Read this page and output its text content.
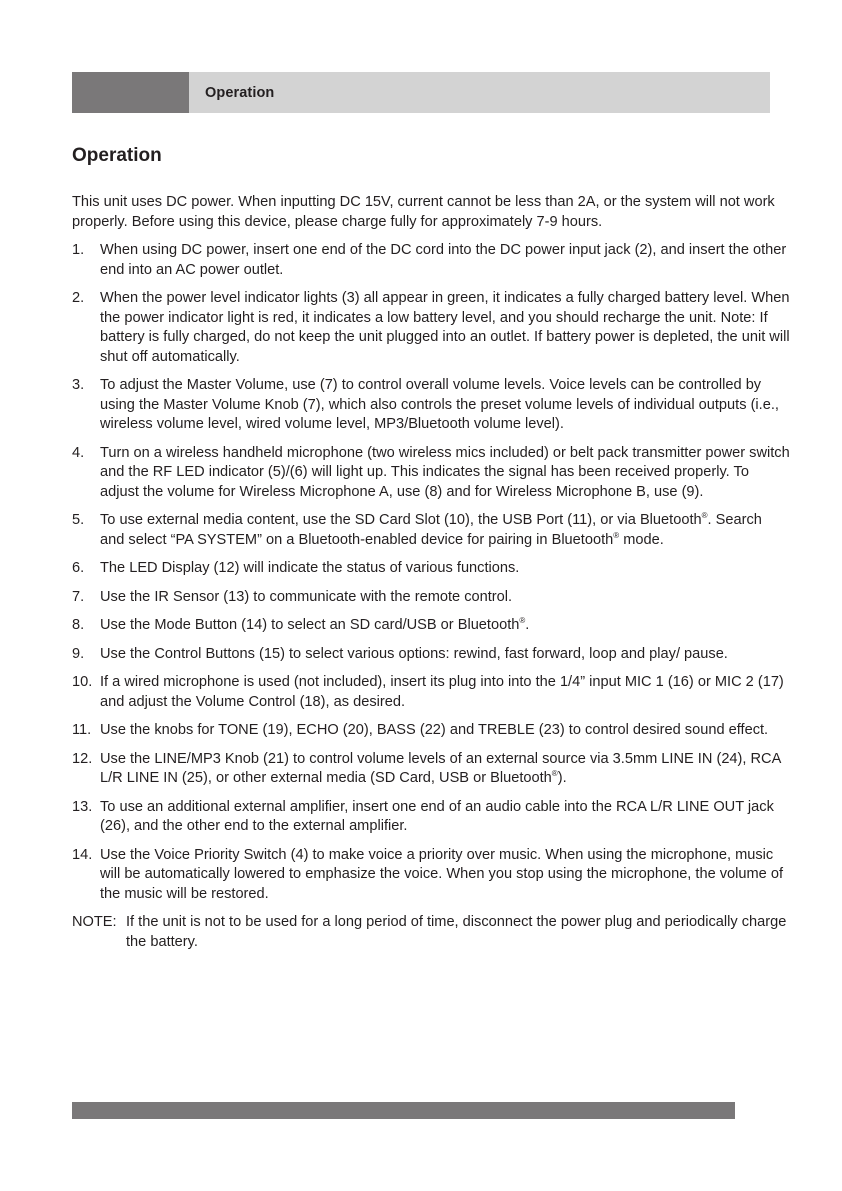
Operation
Operation

This unit uses DC power. When inputting DC 15V, current cannot be less than 2A, or the system will not work properly. Before using this device, please charge fully for approximately 7-9 hours.

1. When using DC power, insert one end of the DC cord into the DC power input jack (2), and insert the other end into an AC power outlet.
2. When the power level indicator lights (3) all appear in green, it indicates a fully charged battery level. When the power indicator light is red, it indicates a low battery level, and you should recharge the unit. Note: If battery is fully charged, do not keep the unit plugged into an outlet. If battery power is depleted, the unit will shut off automatically.
3. To adjust the Master Volume, use (7) to control overall volume levels. Voice levels can be controlled by using the Master Volume Knob (7), which also controls the preset volume levels of individual outputs (i.e., wireless volume level, wired volume level, MP3/Bluetooth volume level).
4. Turn on a wireless handheld microphone (two wireless mics included) or belt pack transmitter power switch and the RF LED indicator (5)/(6) will light up. This indicates the signal has been received properly. To adjust the volume for Wireless Microphone A, use (8) and for Wireless Microphone B, use (9).
5. To use external media content, use the SD Card Slot (10), the USB Port (11), or via Bluetooth®. Search and select “PA SYSTEM” on a Bluetooth-enabled device for pairing in Bluetooth® mode.
6. The LED Display (12) will indicate the status of various functions.
7. Use the IR Sensor (13) to communicate with the remote control.
8. Use the Mode Button (14) to select an SD card/USB or Bluetooth®.
9. Use the Control Buttons (15) to select various options: rewind, fast forward, loop and play/ pause.
10. If a wired microphone is used (not included), insert its plug into into the 1/4” input MIC 1 (16) or MIC 2 (17) and adjust the Volume Control (18), as desired.
11. Use the knobs for TONE (19), ECHO (20), BASS (22) and TREBLE (23) to control desired sound effect.
12. Use the LINE/MP3 Knob (21) to control volume levels of an external source via 3.5mm LINE IN (24), RCA L/R LINE IN (25), or other external media (SD Card, USB or Bluetooth®).
13. To use an additional external amplifier, insert one end of an audio cable into the RCA L/R LINE OUT jack (26), and the other end to the external amplifier.
14. Use the Voice Priority Switch (4) to make voice a priority over music. When using the microphone, music will be automatically lowered to emphasize the voice. When you stop using the microphone, the volume of the music will be restored.

NOTE: If the unit is not to be used for a long period of time, disconnect the power plug and periodically charge the battery.
